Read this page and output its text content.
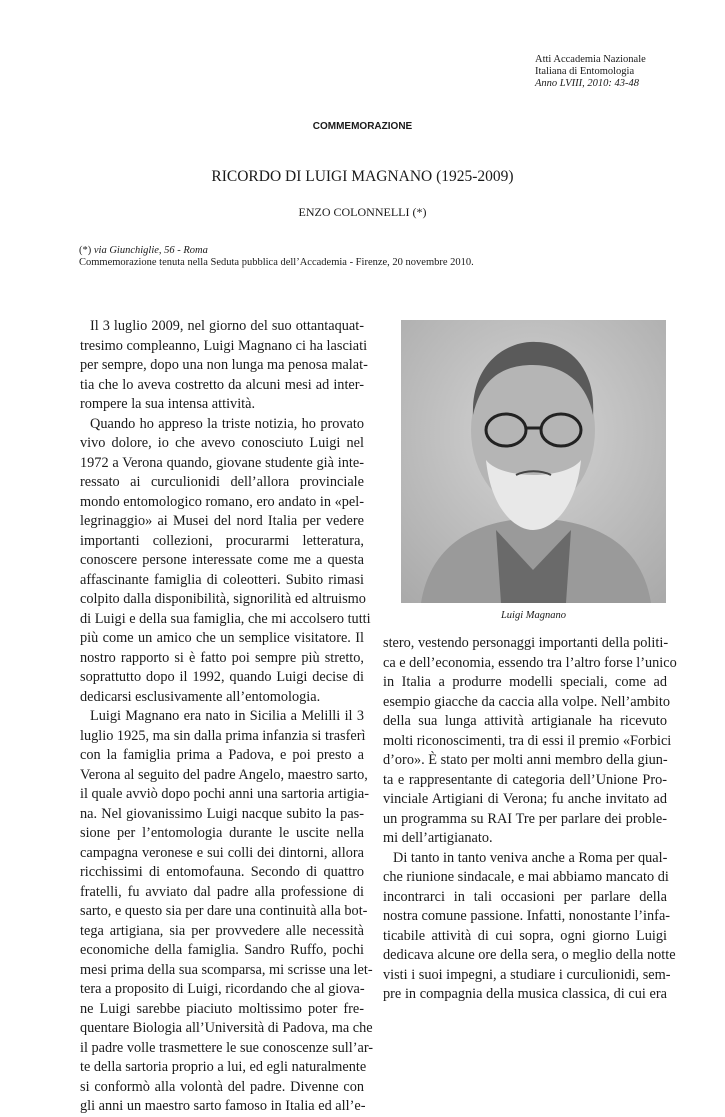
Atti Accademia Nazionale
Italiana di Entomologia
Anno LVIII, 2010: 43-48
COMMEMORAZIONE
RICORDO DI LUIGI MAGNANO (1925-2009)
ENZO COLONNELLI (*)
(*) via Giunchiglie, 56 - Roma
Commemorazione tenuta nella Seduta pubblica dell’Accademia - Firenze, 20 novembre 2010.
Il 3 luglio 2009, nel giorno del suo ottantaquat-
tresimo compleanno, Luigi Magnano ci ha lasciati
per sempre, dopo una non lunga ma penosa malat-
tia che lo aveva costretto da alcuni mesi ad inter-
rompere la sua intensa attività.
Quando ho appreso la triste notizia, ho provato
vivo dolore, io che avevo conosciuto Luigi nel
1972 a Verona quando, giovane studente già inte-
ressato ai curculionidi dell’allora provinciale
mondo entomologico romano, ero andato in «pel-
legrinaggio» ai Musei del nord Italia per vedere
importanti collezioni, procurarmi letteratura,
conoscere persone interessate come me a questa
affascinante famiglia di coleotteri. Subito rimasi
colpito dalla disponibilità, signorilità ed altruismo
di Luigi e della sua famiglia, che mi accolsero tutti
più come un amico che un semplice visitatore. Il
nostro rapporto si è fatto poi sempre più stretto,
soprattutto dopo il 1992, quando Luigi decise di
dedicarsi esclusivamente all’entomologia.
Luigi Magnano era nato in Sicilia a Melilli il 3
luglio 1925, ma sin dalla prima infanzia si trasferì
con la famiglia prima a Padova, e poi presto a
Verona al seguito del padre Angelo, maestro sarto,
il quale avviò dopo pochi anni una sartoria artigia-
na. Nel giovanissimo Luigi nacque subito la pas-
sione per l’entomologia durante le uscite nella
campagna veronese e sui colli dei dintorni, allora
ricchissimi di entomofauna. Secondo di quattro
fratelli, fu avviato dal padre alla professione di
sarto, e questo sia per dare una continuità alla bot-
tega artigiana, sia per provvedere alle necessità
economiche della famiglia. Sandro Ruffo, pochi
mesi prima della sua scomparsa, mi scrisse una let-
tera a proposito di Luigi, ricordando che al giova-
ne Luigi sarebbe piaciuto moltissimo poter fre-
quentare Biologia all’Università di Padova, ma che
il padre volle trasmettere le sue conoscenze sull’ar-
te della sartoria proprio a lui, ed egli naturalmente
si conformò alla volontà del padre. Divenne con
gli anni un maestro sarto famoso in Italia ed all’e-
Luigi Magnano
stero, vestendo personaggi importanti della politi-
ca e dell’economia, essendo tra l’altro forse l’unico
in Italia a produrre modelli speciali, come ad
esempio giacche da caccia alla volpe. Nell’ambito
della sua lunga attività artigianale ha ricevuto
molti riconoscimenti, tra di essi il premio «Forbici
d’oro». È stato per molti anni membro della giun-
ta e rappresentante di categoria dell’Unione Pro-
vinciale Artigiani di Verona; fu anche invitato ad
un programma su RAI Tre per parlare dei proble-
mi dell’artigianato.
Di tanto in tanto veniva anche a Roma per qual-
che riunione sindacale, e mai abbiamo mancato di
incontrarci in tali occasioni per parlare della
nostra comune passione. Infatti, nonostante l’infa-
ticabile attività di cui sopra, ogni giorno Luigi
dedicava alcune ore della sera, o meglio della notte
visti i suoi impegni, a studiare i curculionidi, sem-
pre in compagnia della musica classica, di cui era
